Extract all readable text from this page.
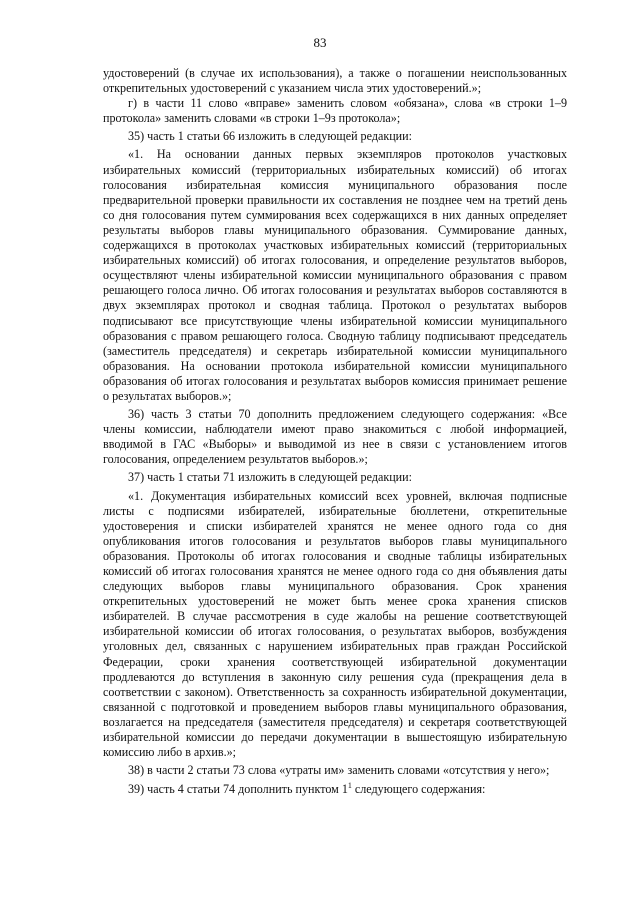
83

удостоверений (в случае их использования), а также о погашении неиспользованных открепительных удостоверений с указанием числа этих удостоверений.»;

г) в части 11 слово «вправе» заменить словом «обязана», слова «в строки 1–9 протокола» заменить словами «в строки 1–9з протокола»;

35) часть 1 статьи 66 изложить в следующей редакции:

«1. На основании данных первых экземпляров протоколов участковых избирательных комиссий (территориальных избирательных комиссий) об итогах голосования избирательная комиссия муниципального образования после предварительной проверки правильности их составления не позднее чем на третий день со дня голосования путем суммирования всех содержащихся в них данных определяет результаты выборов главы муниципального образования. Суммирование данных, содержащихся в протоколах участковых избирательных комиссий (территориальных избирательных комиссий) об итогах голосования, и определение результатов выборов, осуществляют члены избирательной комиссии муниципального образования с правом решающего голоса лично. Об итогах голосования и результатах выборов составляются в двух экземплярах протокол и сводная таблица. Протокол о результатах выборов подписывают все присутствующие члены избирательной комиссии муниципального образования с правом решающего голоса. Сводную таблицу подписывают председатель (заместитель председателя) и секретарь избирательной комиссии муниципального образования. На основании протокола избирательной комиссии муниципального образования об итогах голосования и результатах выборов комиссия принимает решение о результатах выборов.»;

36) часть 3 статьи 70 дополнить предложением следующего содержания: «Все члены комиссии, наблюдатели имеют право знакомиться с любой информацией, вводимой в ГАС «Выборы» и выводимой из нее в связи с установлением итогов голосования, определением результатов выборов.»;

37) часть 1 статьи 71 изложить в следующей редакции:

«1. Документация избирательных комиссий всех уровней, включая подписные листы с подписями избирателей, избирательные бюллетени, открепительные удостоверения и списки избирателей хранятся не менее одного года со дня опубликования итогов голосования и результатов выборов главы муниципального образования. Протоколы об итогах голосования и сводные таблицы избирательных комиссий об итогах голосования хранятся не менее одного года со дня объявления даты следующих выборов главы муниципального образования. Срок хранения открепительных удостоверений не может быть менее срока хранения списков избирателей. В случае рассмотрения в суде жалобы на решение соответствующей избирательной комиссии об итогах голосования, о результатах выборов, возбуждения уголовных дел, связанных с нарушением избирательных прав граждан Российской Федерации, сроки хранения соответствующей избирательной документации продлеваются до вступления в законную силу решения суда (прекращения дела в соответствии с законом). Ответственность за сохранность избирательной документации, связанной с подготовкой и проведением выборов главы муниципального образования, возлагается на председателя (заместителя председателя) и секретаря соответствующей избирательной комиссии до передачи документации в вышестоящую избирательную комиссию либо в архив.»;

38) в части 2 статьи 73 слова «утраты им» заменить словами «отсутствия у него»;

39) часть 4 статьи 74 дополнить пунктом $1^1$ следующего содержания:
